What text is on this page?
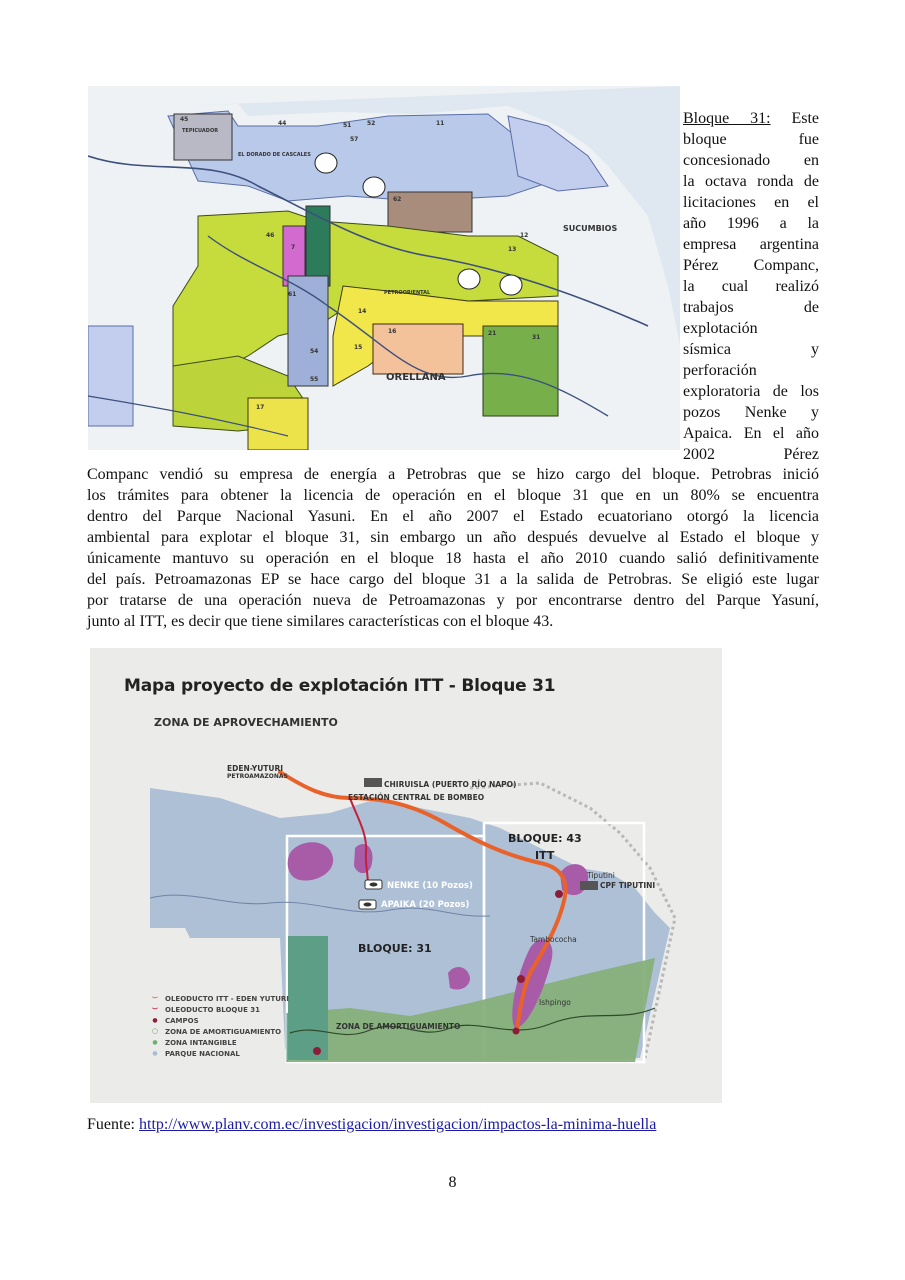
TEPICUADOR
EL DORADO DE CASCALES
SUCUMBIOS
ORELLANA
PETROORIENTAL
45
44
57
11
62
16
12
14
15
17
21
54
55
61
46
7
31
13
51	52	Bloque 31: Este
bloque fue
concesionado en
la octava ronda de
licitaciones en el
año 1996 a la
empresa argentina
Pérez Companc,
la cual realizó
trabajos de
explotación
sísmica y
perforación
exploratoria de los
pozos Nenke y
Apaica. En el año
2002 Pérez
Companc vendió su empresa de energía a Petrobras que se hizo cargo del bloque. Petrobras inició
los trámites para obtener la licencia de operación en el bloque 31 que en un 80% se encuentra
dentro del Parque Nacional Yasuni. En el año 2007 el Estado ecuatoriano otorgó la licencia
ambiental para explotar el bloque 31, sin embargo un año después devuelve al Estado el bloque y
únicamente mantuvo su operación en el bloque 18 hasta el año 2010 cuando salió definitivamente
del país. Petroamazonas EP se hace cargo del bloque 31 a la salida de Petrobras. Se eligió este lugar
por tratarse de una operación nueva de Petroamazonas y por encontrarse dentro del Parque Yasuní,
junto al ITT, es decir que tiene similares características con el bloque 43.
Mapa proyecto de explotación ITT - Bloque 31
ZONA DE APROVECHAMIENTO
EDEN-YUTURI
PETROAMAZONAS
CHIRUISLA (PUERTO RÍO NAPO)
ESTACIÓN CENTRAL DE BOMBEO
BLOQUE: 43
ITT
Tiputini
CPF TIPUTINI
NENKE (10 Pozos)
APAIKA (20 Pozos)
BLOQUE: 31
Tambococha
Ishpingo
ZONA DE AMORTIGUAMIENTO
⌣ OLEODUCTO ITT - EDEN YUTURI
⌣ OLEODUCTO BLOQUE 31
●	CAMPOS
○ ZONA DE AMORTIGUAMIENTO
●	ZONA INTANGIBLE
●	PARQUE NACIONAL
Fuente: http://www.planv.com.ec/investigacion/investigacion/impactos-la-minima-huella
8
